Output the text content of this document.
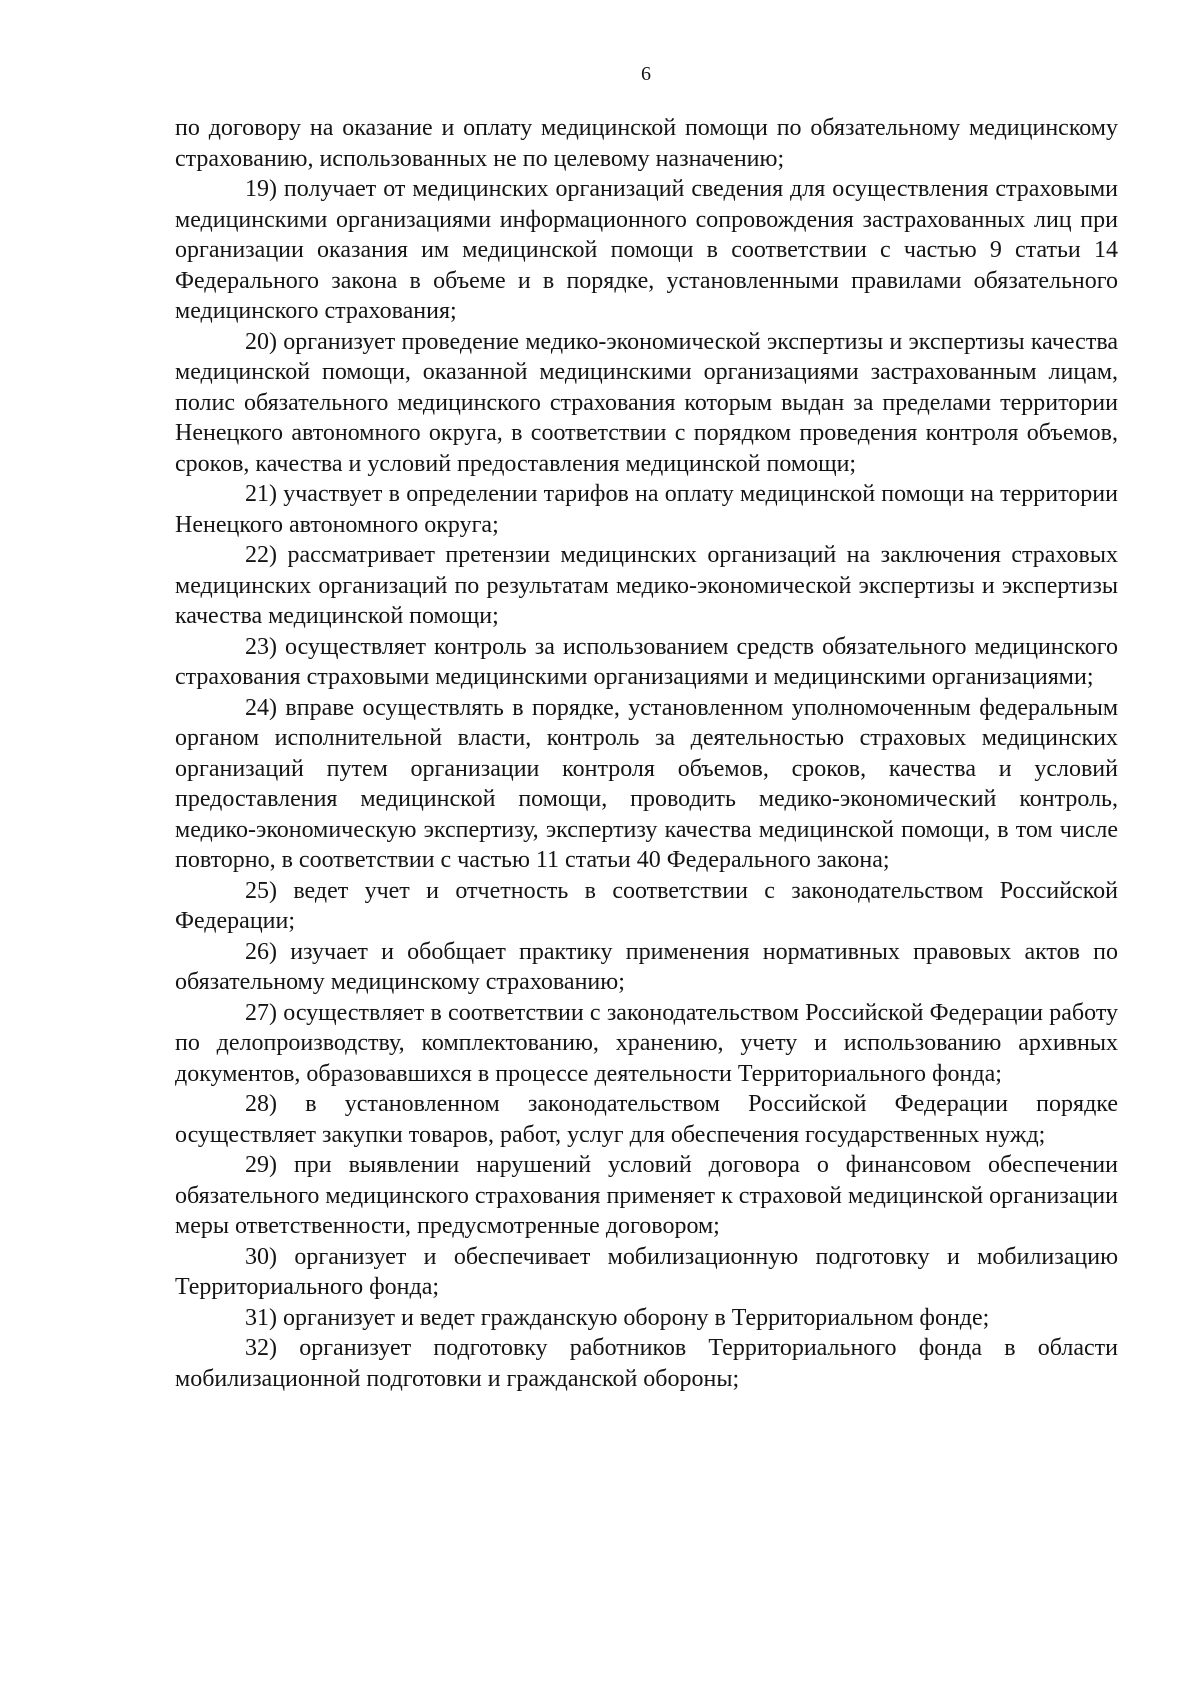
6

по договору на оказание и оплату медицинской помощи по обязательному медицинскому страхованию, использованных не по целевому назначению;

19) получает от медицинских организаций сведения для осуществления страховыми медицинскими организациями информационного сопровождения застрахованных лиц при организации оказания им медицинской помощи в соответствии с частью 9 статьи 14 Федерального закона в объеме и в порядке, установленными правилами обязательного медицинского страхования;

20) организует проведение медико-экономической экспертизы и экспертизы качества медицинской помощи, оказанной медицинскими организациями застрахованным лицам, полис обязательного медицинского страхования которым выдан за пределами территории Ненецкого автономного округа, в соответствии с порядком проведения контроля объемов, сроков, качества и условий предоставления медицинской помощи;

21) участвует в определении тарифов на оплату медицинской помощи на территории Ненецкого автономного округа;

22) рассматривает претензии медицинских организаций на заключения страховых медицинских организаций по результатам медико-экономической экспертизы и экспертизы качества медицинской помощи;

23) осуществляет контроль за использованием средств обязательного медицинского страхования страховыми медицинскими организациями и медицинскими организациями;

24) вправе осуществлять в порядке, установленном уполномоченным федеральным органом исполнительной власти, контроль за деятельностью страховых медицинских организаций путем организации контроля объемов, сроков, качества и условий предоставления медицинской помощи, проводить медико-экономический контроль, медико-экономическую экспертизу, экспертизу качества медицинской помощи, в том числе повторно, в соответствии с частью 11 статьи 40 Федерального закона;

25) ведет учет и отчетность в соответствии с законодательством Российской Федерации;

26) изучает и обобщает практику применения нормативных правовых актов по обязательному медицинскому страхованию;

27) осуществляет в соответствии с законодательством Российской Федерации работу по делопроизводству, комплектованию, хранению, учету и использованию архивных документов, образовавшихся в процессе деятельности Территориального фонда;

28) в установленном законодательством Российской Федерации порядке осуществляет закупки товаров, работ, услуг для обеспечения государственных нужд;

29) при выявлении нарушений условий договора о финансовом обеспечении обязательного медицинского страхования применяет к страховой медицинской организации меры ответственности, предусмотренные договором;

30) организует и обеспечивает мобилизационную подготовку и мобилизацию Территориального фонда;

31) организует и ведет гражданскую оборону в Территориальном фонде;

32) организует подготовку работников Территориального фонда в области мобилизационной подготовки и гражданской обороны;
